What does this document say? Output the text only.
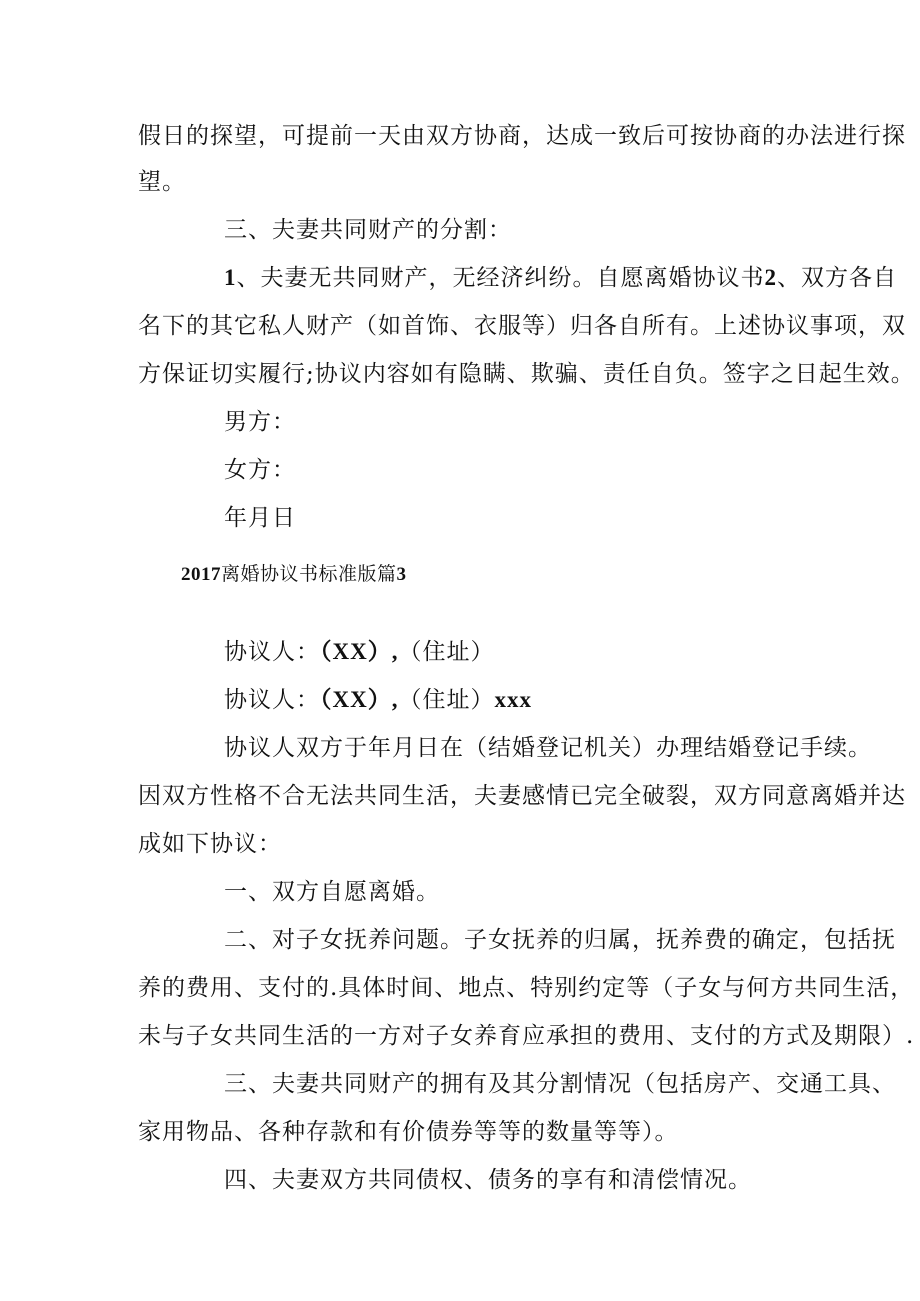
假日的探望，可提前一天由双方协商，达成一致后可按协商的办法进行探
望。
三、夫妻共同财产的分割：
1、夫妻无共同财产，无经济纠纷。自愿离婚协议书2、双方各自
名下的其它私人财产（如首饰、衣服等）归各自所有。上述协议事项，双
方保证切实履行;协议内容如有隐瞒、欺骗、责任自负。签字之日起生效。
男方：
女方：
年月日
2017离婚协议书标准版篇3
协议人：（XX）,（住址）
协议人：（XX）,（住址）xxx
协议人双方于年月日在（结婚登记机关）办理结婚登记手续。
因双方性格不合无法共同生活，夫妻感情已完全破裂，双方同意离婚并达
成如下协议：
一、双方自愿离婚。
二、对子女抚养问题。子女抚养的归属，抚养费的确定，包括抚
养的费用、支付的.具体时间、地点、特别约定等（子女与何方共同生活，
未与子女共同生活的一方对子女养育应承担的费用、支付的方式及期限）.
三、夫妻共同财产的拥有及其分割情况（包括房产、交通工具、
家用物品、各种存款和有价债券等等的数量等等）。
四、夫妻双方共同债权、债务的享有和清偿情况。
